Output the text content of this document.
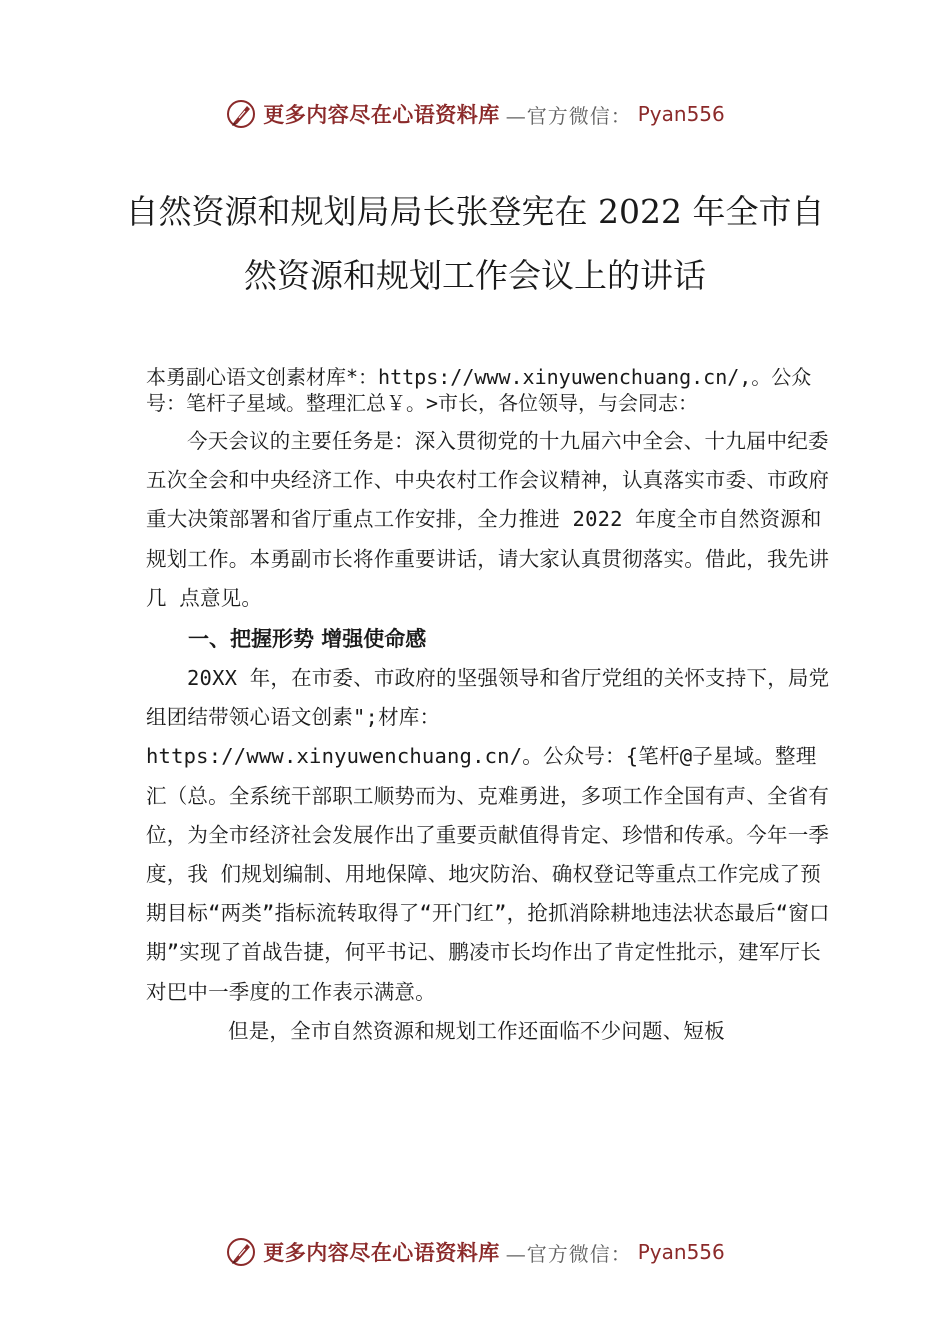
更多内容尽在心语资料库 —官方微信： Pyan556
自然资源和规划局局长张登宪在 2022 年全市自然资源和规划工作会议上的讲话

本勇副心语文创素材库*：https://www.xinyuwenchuang.cn/,。公众号：笔杆子星域。整理汇总￥。>市长，各位领导，与会同志：

今天会议的主要任务是：深入贯彻党的十九届六中全会、十九届中纪委五次全会和中央经济工作、中央农村工作会议精神，认真落实市委、市政府重大决策部署和省厅重点工作安排，全力推进 2022 年度全市自然资源和规划工作。本勇副市长将作重要讲话，请大家认真贯彻落实。借此，我先讲几 点意见。

一、把握形势 增强使命感

20XX 年，在市委、市政府的坚强领导和省厅党组的关怀支持下，局党组团结带领心语文创素";材库：https://www.xinyuwenchuang.cn/。公众号：{笔杆@子星域。整理汇（总。全系统干部职工顺势而为、克难勇进，多项工作全国有声、全省有位，为全市经济社会发展作出了重要贡献值得肯定、珍惜和传承。今年一季度，我 们规划编制、用地保障、地灾防治、确权登记等重点工作完成了预期目标“两类”指标流转取得了“开门红”，抢抓消除耕地违法状态最后“窗口期”实现了首战告捷，何平书记、鹏凌市长均作出了肯定性批示，建军厅长对巴中一季度的工作表示满意。

但是，全市自然资源和规划工作还面临不少问题、短板

更多内容尽在心语资料库 —官方微信： Pyan556
